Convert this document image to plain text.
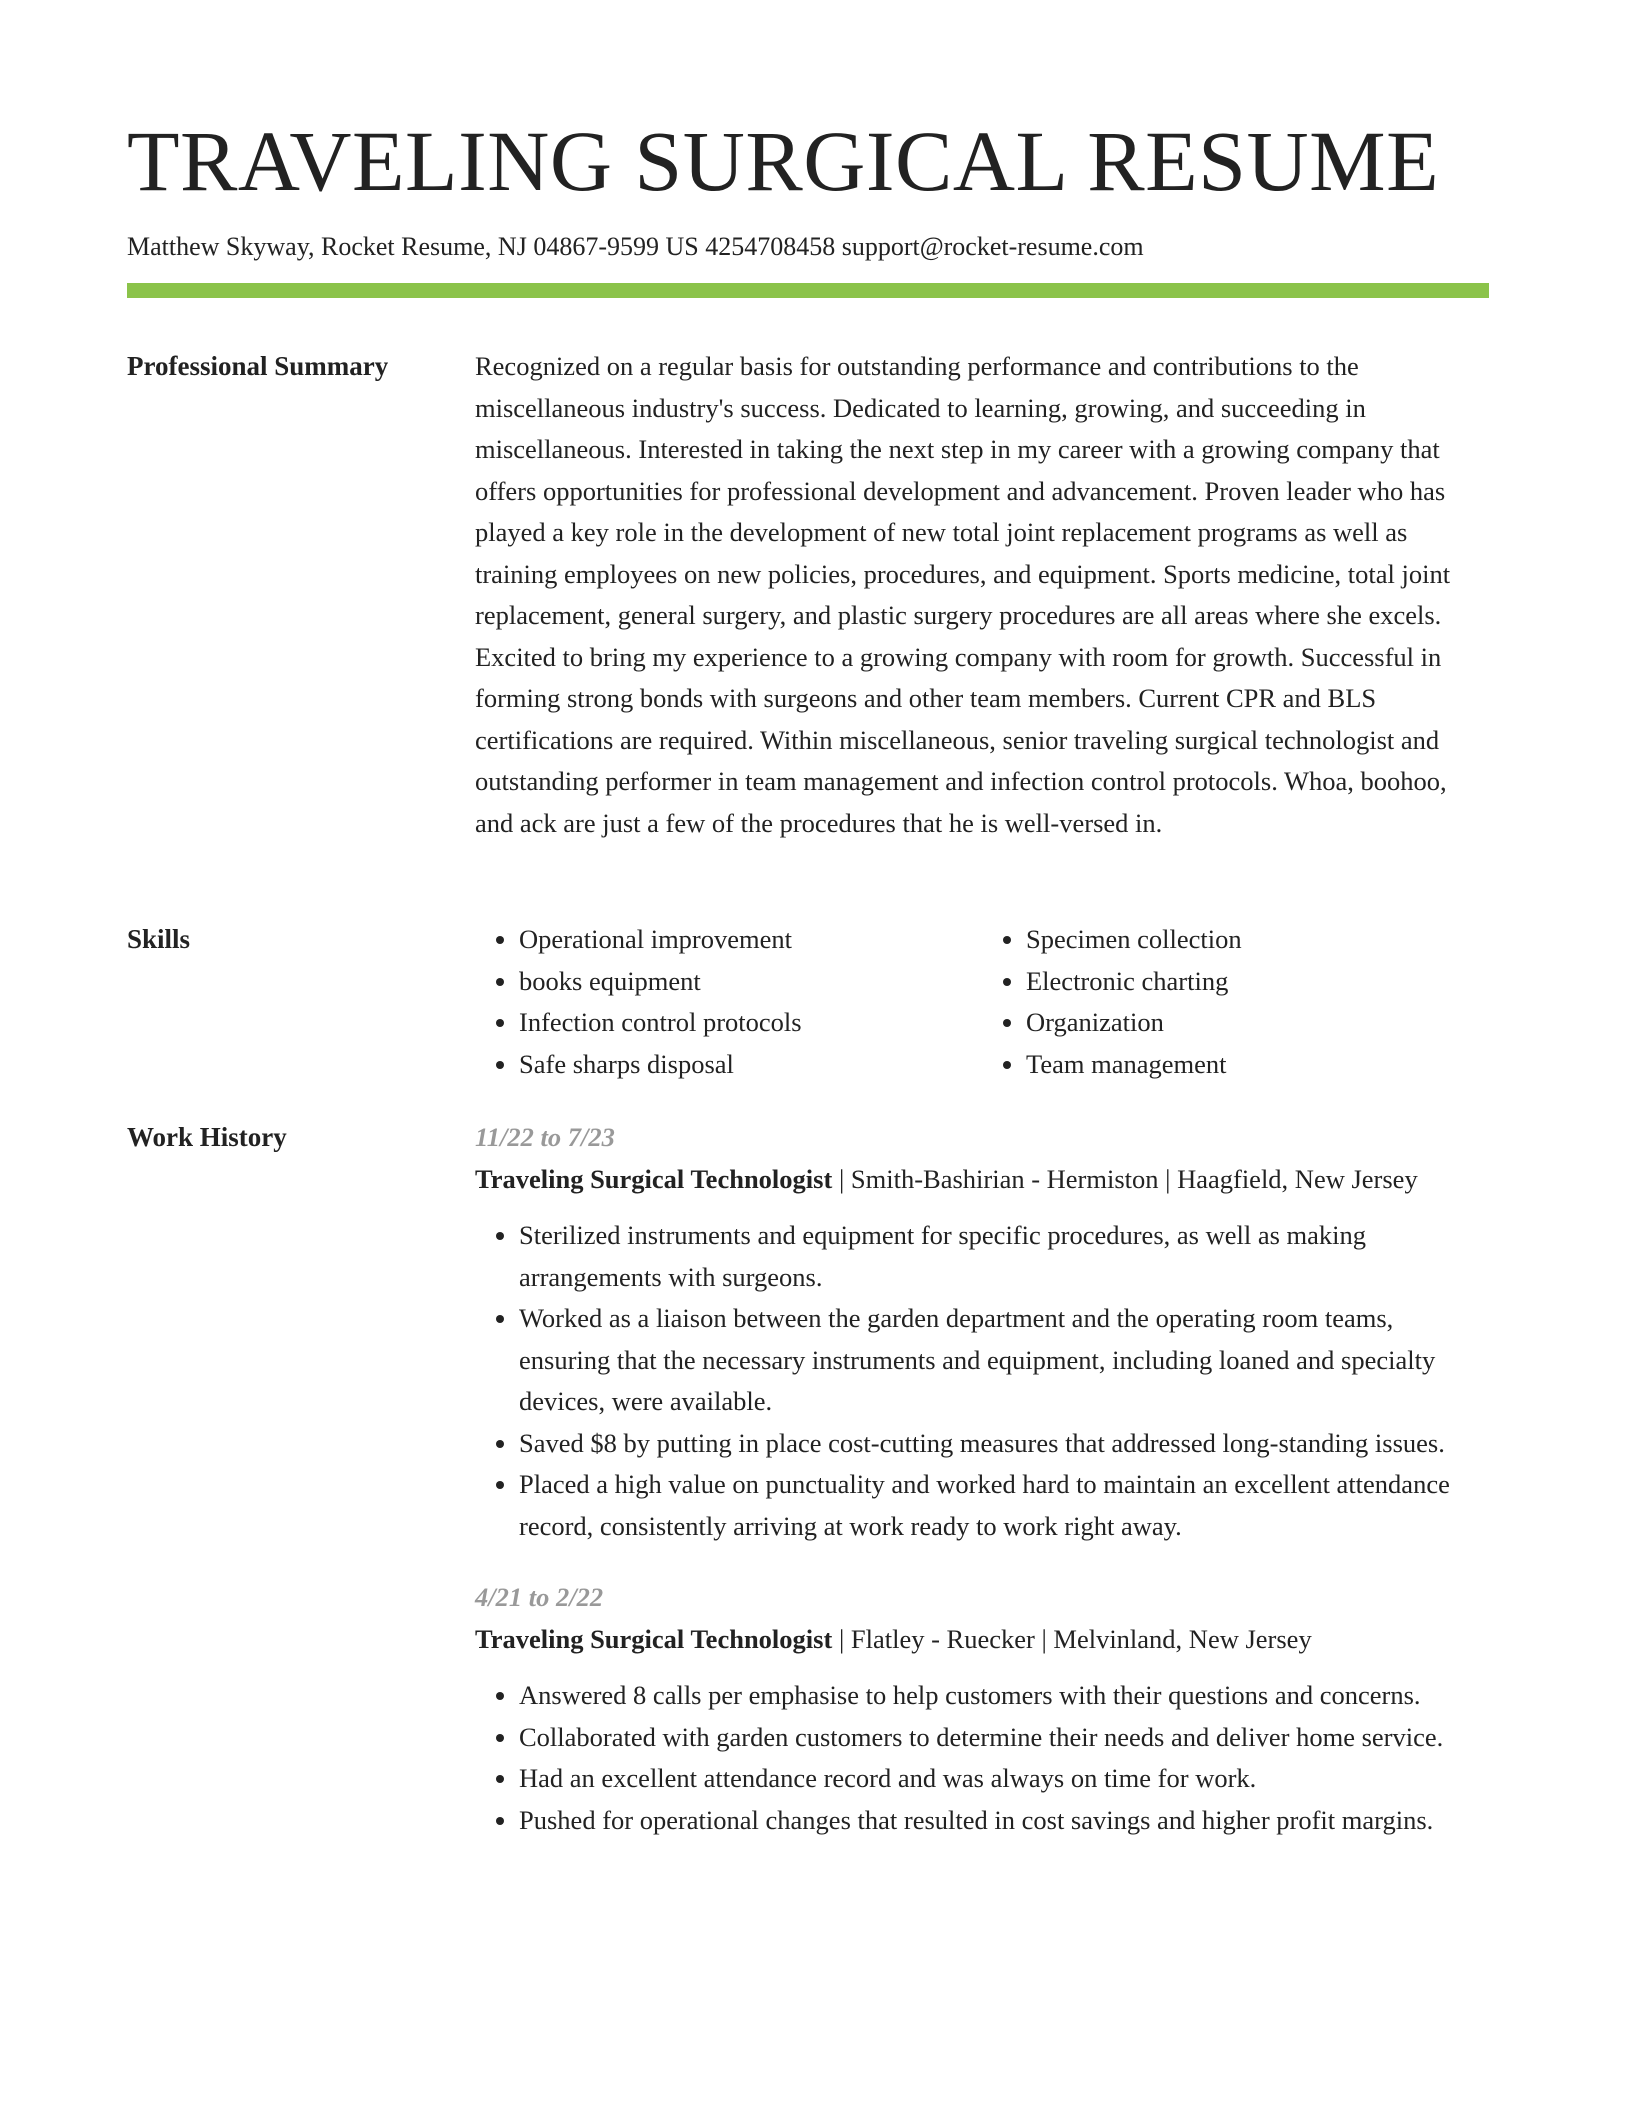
TRAVELING SURGICAL RESUME
Matthew Skyway, Rocket Resume, NJ 04867-9599 US 4254708458 support@rocket-resume.com
Professional Summary	Recognized on a regular basis for outstanding performance and contributions to the miscellaneous industry's success. Dedicated to learning, growing, and succeeding in miscellaneous. Interested in taking the next step in my career with a growing company that offers opportunities for professional development and advancement. Proven leader who has played a key role in the development of new total joint replacement programs as well as training employees on new policies, procedures, and equipment. Sports medicine, total joint replacement, general surgery, and plastic surgery procedures are all areas where she excels. Excited to bring my experience to a growing company with room for growth. Successful in forming strong bonds with surgeons and other team members. Current CPR and BLS certifications are required. Within miscellaneous, senior traveling surgical technologist and outstanding performer in team management and infection control protocols. Whoa, boohoo, and ack are just a few of the procedures that he is well-versed in.

Skills
•	Operational improvement
• books equipment
• Infection control protocols
• Safe sharps disposal
• Specimen collection
• Electronic charting
• Organization
• Team management
Work History	11/22 to 7/23
Traveling Surgical Technologist | Smith-Bashirian - Hermiston | Haagfield, New Jersey
• Sterilized instruments and equipment for specific procedures, as well as making arrangements with surgeons.
• Worked as a liaison between the garden department and the operating room teams, ensuring that the necessary instruments and equipment, including loaned and specialty devices, were available.
• Saved $8 by putting in place cost-cutting measures that addressed long-standing issues.
• Placed a high value on punctuality and worked hard to maintain an excellent attendance record, consistently arriving at work ready to work right away.
4/21 to 2/22
Traveling Surgical Technologist | Flatley - Ruecker | Melvinland, New Jersey
• Answered 8 calls per emphasise to help customers with their questions and concerns.
• Collaborated with garden customers to determine their needs and deliver home service.
• Had an excellent attendance record and was always on time for work.
• Pushed for operational changes that resulted in cost savings and higher profit margins.
